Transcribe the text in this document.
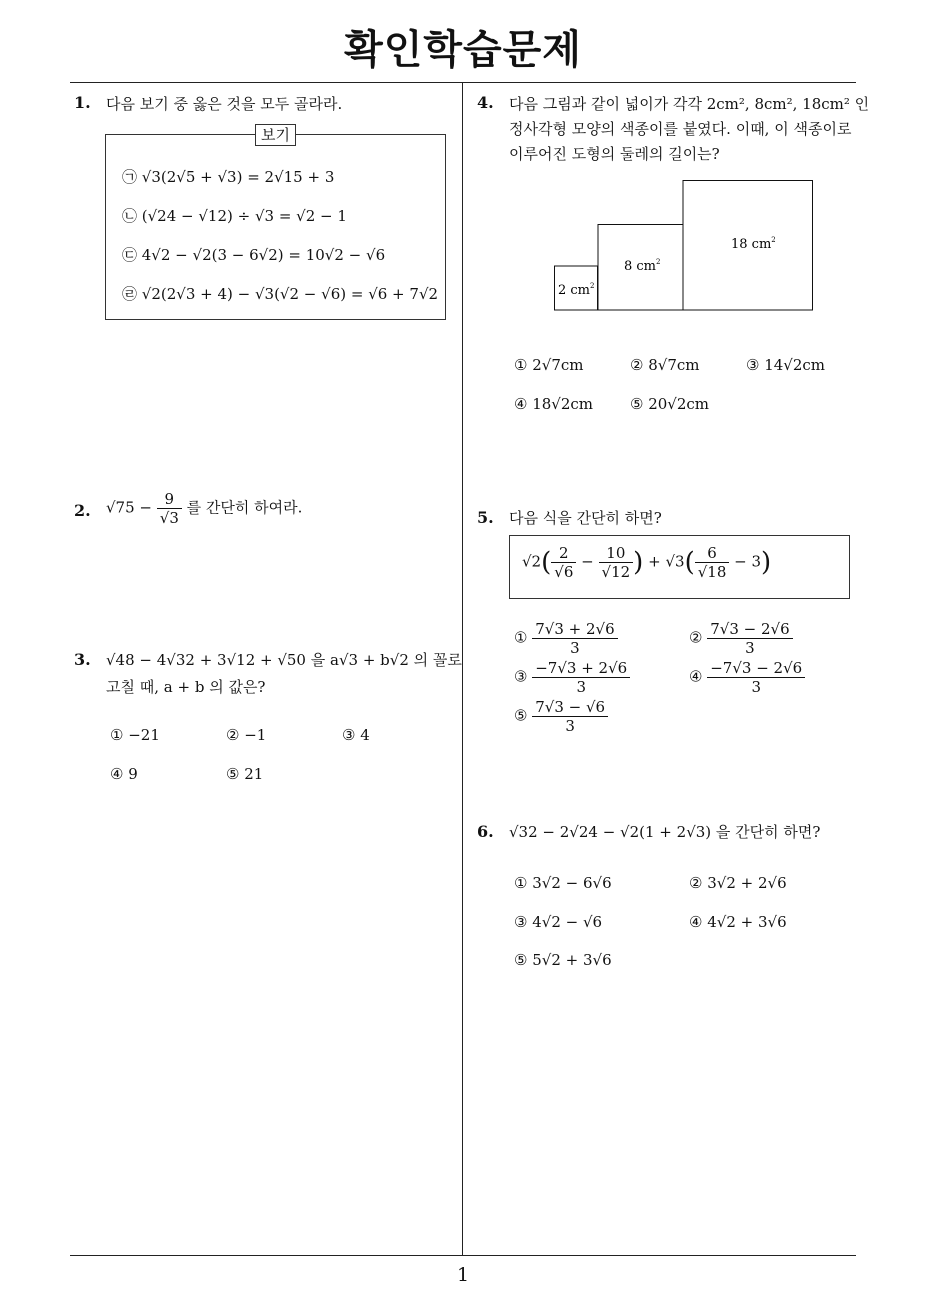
확인학습문제
1
1. 다음 보기 중 옳은 것을 모두 골라라.
보기
㉠ √3(2√5 + √3) = 2√15 + 3
㉡ (√24 − √12) ÷ √3 = √2 − 1
㉢ 4√2 − √2(3 − 6√2) = 10√2 − √6
㉣ √2(2√3 + 4) − √3(√2 − √6) = √6 + 7√2
2. $√75 - \frac{9}{√3}$ 를 간단히 하여라.
3. √48 − 4√32 + 3√12 + √50 을 a√3 + b√2 의 꼴로
고칠 때, a + b 의 값은?
① −21	② −1	③ 4
④ 9	⑤ 21
4. 다음 그림과 같이 넓이가 각각 2cm², 8cm², 18cm² 인
정사각형 모양의 색종이를 붙였다. 이때, 이 색종이로
이루어진 도형의 둘레의 길이는?
2 $cm^2$
8 $cm^2$
18 $cm^2$
① 2√7cm	② 8√7cm	③ 14√2cm
④ 18√2cm ⑤ 20√2cm
5. 다음 식을 간단히 하면?
$√2( \frac{2}{√6} - \frac{10}{√12}$ ) + $√3( \frac{6}{√18} - 3)$
① $\frac{7√3 + 2√6}{3}$	② $\frac{7√3 - 2√6}{3}$
③ $\frac{-7√3 + 2√6}{3}$	④ $\frac{-7√3 - 2√6}{3}$
⑤ $\frac{7√3 - √6}{3}$
6. √32 − 2√24 − √2(1 + 2√3) 을 간단히 하면?
① 3√2 − 6√6	② 3√2 + 2√6
③ 4√2 − √6	④ 4√2 + 3√6
⑤ 5√2 + 3√6
